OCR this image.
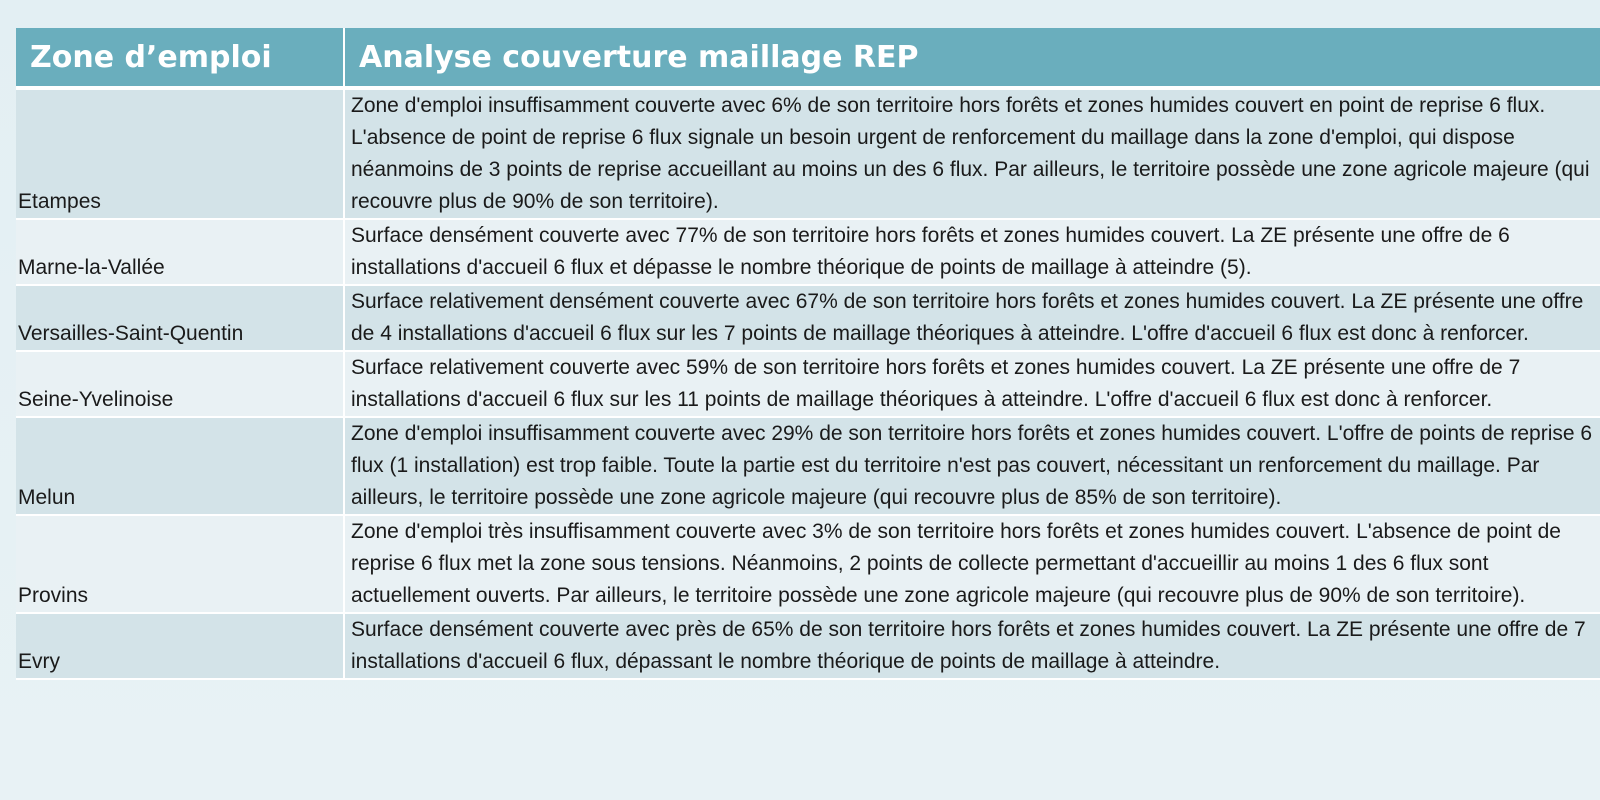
Zone d’emploi	Analyse couverture maillage REP
Etampes	Zone d'emploi insuffisamment couverte avec 6% de son territoire hors forêts et zones humides couvert en point de reprise 6 flux. L'absence de point de reprise 6 flux signale un besoin urgent de renforcement du maillage dans la zone d'emploi, qui dispose néanmoins de 3 points de reprise accueillant au moins un des 6 flux. Par ailleurs, le territoire possède une zone agricole majeure (qui recouvre plus de 90% de son territoire).
Marne-la-Vallée	Surface densément couverte avec 77% de son territoire hors forêts et zones humides couvert. La ZE présente une offre de 6 installations d'accueil 6 flux et dépasse le nombre théorique de points de maillage à atteindre (5).
Versailles-Saint-Quentin	Surface relativement densément couverte avec 67% de son territoire hors forêts et zones humides couvert. La ZE présente une offre de 4 installations d'accueil 6 flux sur les 7 points de maillage théoriques à atteindre. L'offre d'accueil 6 flux est donc à renforcer.
Seine-Yvelinoise	Surface relativement couverte avec 59% de son territoire hors forêts et zones humides couvert. La ZE présente une offre de 7 installations d'accueil 6 flux sur les 11 points de maillage théoriques à atteindre. L'offre d'accueil 6 flux est donc à renforcer.
Melun	Zone d'emploi insuffisamment couverte avec 29% de son territoire hors forêts et zones humides couvert. L'offre de points de reprise 6 flux (1 installation) est trop faible. Toute la partie est du territoire n'est pas couvert, nécessitant un renforcement du maillage. Par ailleurs, le territoire possède une zone agricole majeure (qui recouvre plus de 85% de son territoire).
Provins	Zone d'emploi très insuffisamment couverte avec 3% de son territoire hors forêts et zones humides couvert. L'absence de point de reprise 6 flux met la zone sous tensions. Néanmoins, 2 points de collecte permettant d'accueillir au moins 1 des 6 flux sont actuellement ouverts. Par ailleurs, le territoire possède une zone agricole majeure (qui recouvre plus de 90% de son territoire).
Evry	Surface densément couverte avec près de 65% de son territoire hors forêts et zones humides couvert. La ZE présente une offre de 7 installations d'accueil 6 flux, dépassant le nombre théorique de points de maillage à atteindre.
